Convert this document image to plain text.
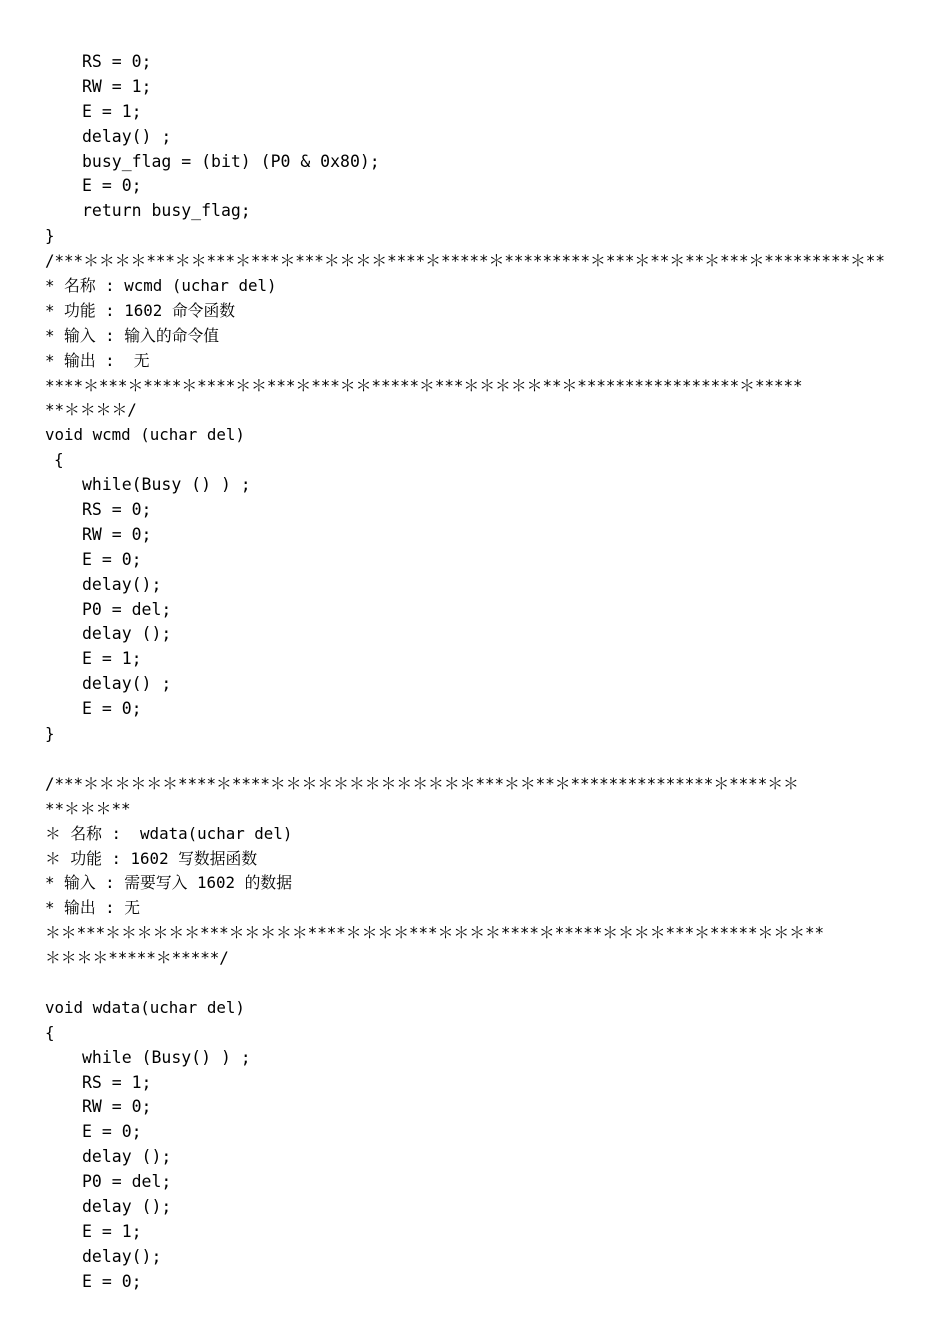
RS = 0;
RW = 1;
E = 1;
delay() ;
busy_flag = (bit) (P0 & 0x80);
E = 0;
return busy_flag;
}
/***＊＊＊＊***＊＊***＊***＊***＊＊＊＊****＊*****＊*********＊***＊**＊**＊***＊*********＊**
* 名称 : wcmd (uchar del)
* 功能 : 1602 命令函数
* 输入 : 输入的命令值
* 输出 :  无
****＊***＊****＊****＊＊***＊***＊＊*****＊***＊＊＊＊＊**＊*****************＊*****
**＊＊＊＊/
void wcmd (uchar del)
{
while(Busy () ) ;
RS = 0;
RW = 0;
E = 0;
delay();
P0 = del;
delay ();
E = 1;
delay() ;
E = 0;
}
/***＊＊＊＊＊＊****＊****＊＊＊＊＊＊＊＊＊＊＊＊＊***＊＊**＊***************＊****＊＊
**＊＊＊**
＊ 名称 :  wdata(uchar del)
＊ 功能 : 1602 写数据函数
* 输入 : 需要写入 1602 的数据
* 输出 : 无
＊＊***＊＊＊＊＊＊***＊＊＊＊＊****＊＊＊＊***＊＊＊＊****＊*****＊＊＊＊***＊*****＊＊＊**
＊＊＊＊*****＊*****/
void wdata(uchar del)
{
while (Busy() ) ;
RS = 1;
RW = 0;
E = 0;
delay ();
P0 = del;
delay ();
E = 1;
delay();
E = 0;
